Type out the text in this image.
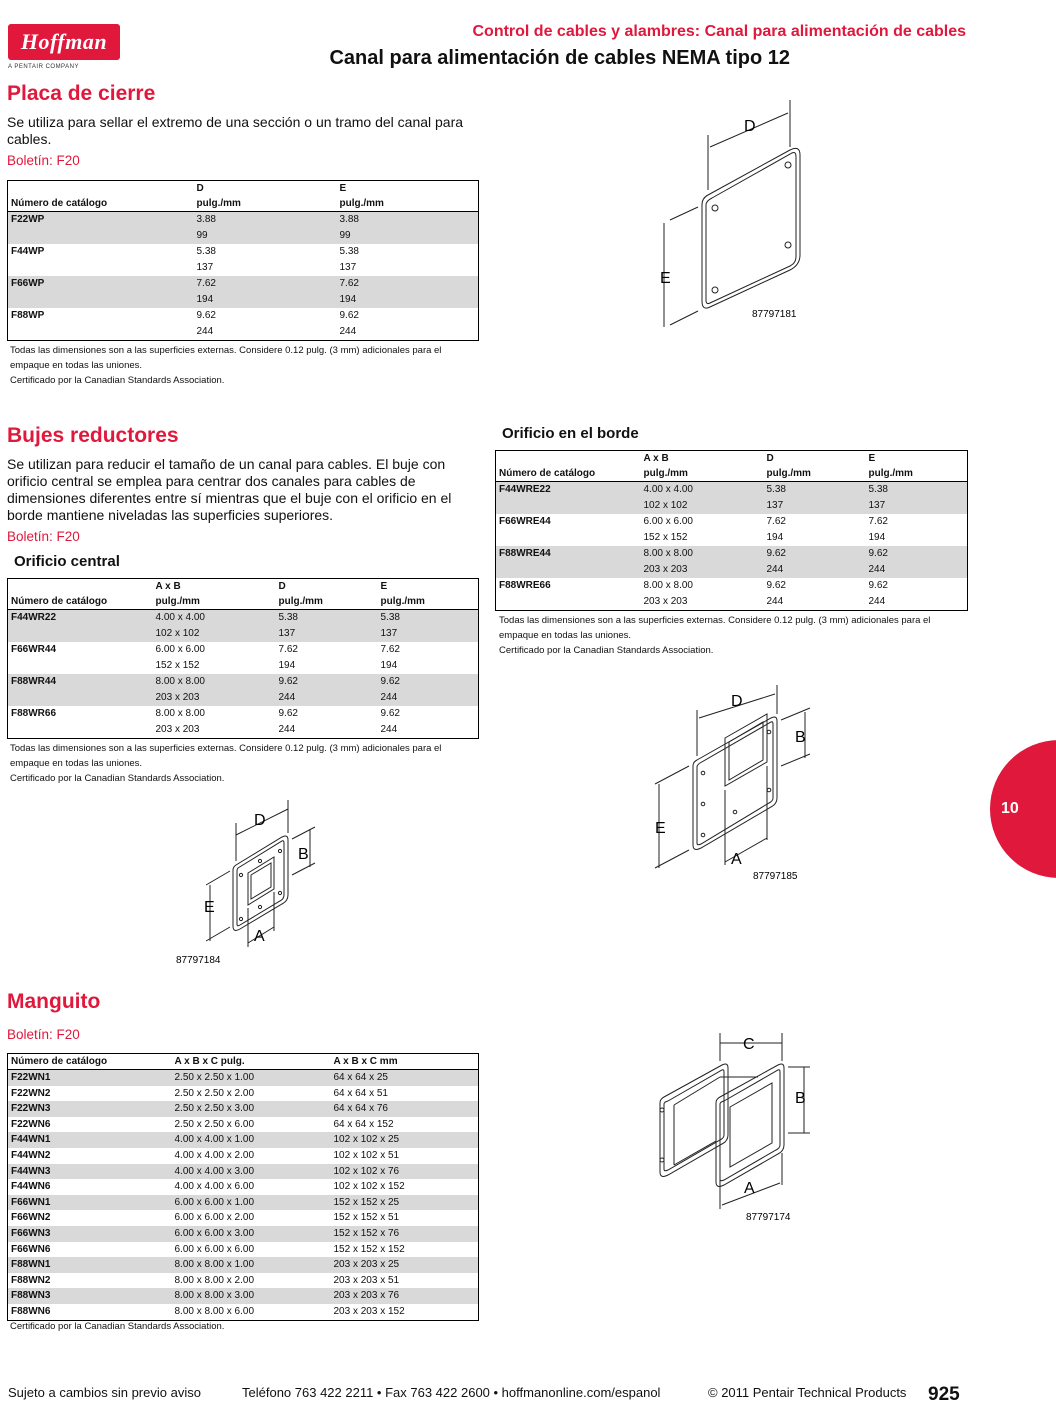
Hoffman
A PENTAIR COMPANY
Control de cables y alambres: Canal para alimentación de cables
Canal para alimentación de cables NEMA tipo 12
Placa de cierre

Se utiliza para sellar el extremo de una sección o un tramo del canal para cables.

Boletín: F20
	D	E
Número de catálogo	pulg./mm	pulg./mm
F22WP	3.88	3.88
	99	99
F44WP	5.38	5.38
	137	137
F66WP	7.62	7.62
	194	194
F88WP	9.62	9.62
	244	244
Todas las dimensiones son a las superficies externas. Considere 0.12 pulg. (3 mm) adicionales para el
empaque en todas las uniones.
Certificado por la Canadian Standards Association.
D
E
87797181
Bujes reductores

Se utilizan para reducir el tamaño de un canal para cables. El buje con orificio central se emplea para centrar dos canales para cables de dimensiones diferentes entre sí mientras que el buje con el orificio en el borde mantiene niveladas las superficies superiores.

Boletín: F20
Orificio central
	A x B	D	E
Número de catálogo	pulg./mm	pulg./mm	pulg./mm
F44WR22	4.00 x 4.00	5.38	5.38
	102 x 102	137	137
F66WR44	6.00 x 6.00	7.62	7.62
	152 x 152	194	194
F88WR44	8.00 x 8.00	9.62	9.62
	203 x 203	244	244
F88WR66	8.00 x 8.00	9.62	9.62
	203 x 203	244	244
Todas las dimensiones son a las superficies externas. Considere 0.12 pulg. (3 mm) adicionales para el
empaque en todas las uniones.
Certificado por la Canadian Standards Association.
D
B
E
A
87797184
Orificio en el borde
	A x B	D	E
Número de catálogo	pulg./mm	pulg./mm	pulg./mm
F44WRE22	4.00 x 4.00	5.38	5.38
	102 x 102	137	137
F66WRE44	6.00 x 6.00	7.62	7.62
	152 x 152	194	194
F88WRE44	8.00 x 8.00	9.62	9.62
	203 x 203	244	244
F88WRE66	8.00 x 8.00	9.62	9.62
	203 x 203	244	244
Todas las dimensiones son a las superficies externas. Considere 0.12 pulg. (3 mm) adicionales para el
empaque en todas las uniones.
Certificado por la Canadian Standards Association.
D
B
E
A
87797185
10
Manguito
Boletín: F20
Número de catálogo	A x B x C pulg.	A x B x C mm
F22WN1	2.50 x 2.50 x 1.00	64 x 64 x 25
F22WN2	2.50 x 2.50 x 2.00	64 x 64 x 51
F22WN3	2.50 x 2.50 x 3.00	64 x 64 x 76
F22WN6	2.50 x 2.50 x 6.00	64 x 64 x 152
F44WN1	4.00 x 4.00 x 1.00	102 x 102 x 25
F44WN2	4.00 x 4.00 x 2.00	102 x 102 x 51
F44WN3	4.00 x 4.00 x 3.00	102 x 102 x 76
F44WN6	4.00 x 4.00 x 6.00	102 x 102 x 152
F66WN1	6.00 x 6.00 x 1.00	152 x 152 x 25
F66WN2	6.00 x 6.00 x 2.00	152 x 152 x 51
F66WN3	6.00 x 6.00 x 3.00	152 x 152 x 76
F66WN6	6.00 x 6.00 x 6.00	152 x 152 x 152
F88WN1	8.00 x 8.00 x 1.00	203 x 203 x 25
F88WN2	8.00 x 8.00 x 2.00	203 x 203 x 51
F88WN3	8.00 x 8.00 x 3.00	203 x 203 x 76
F88WN6	8.00 x 8.00 x 6.00	203 x 203 x 152
Certificado por la Canadian Standards Association.
C
B
A
87797174
Sujeto a cambios sin previo aviso	Teléfono 763 422 2211 • Fax 763 422 2600 • hoffmanonline.com/espanol	© 2011 Pentair Technical Products 925
